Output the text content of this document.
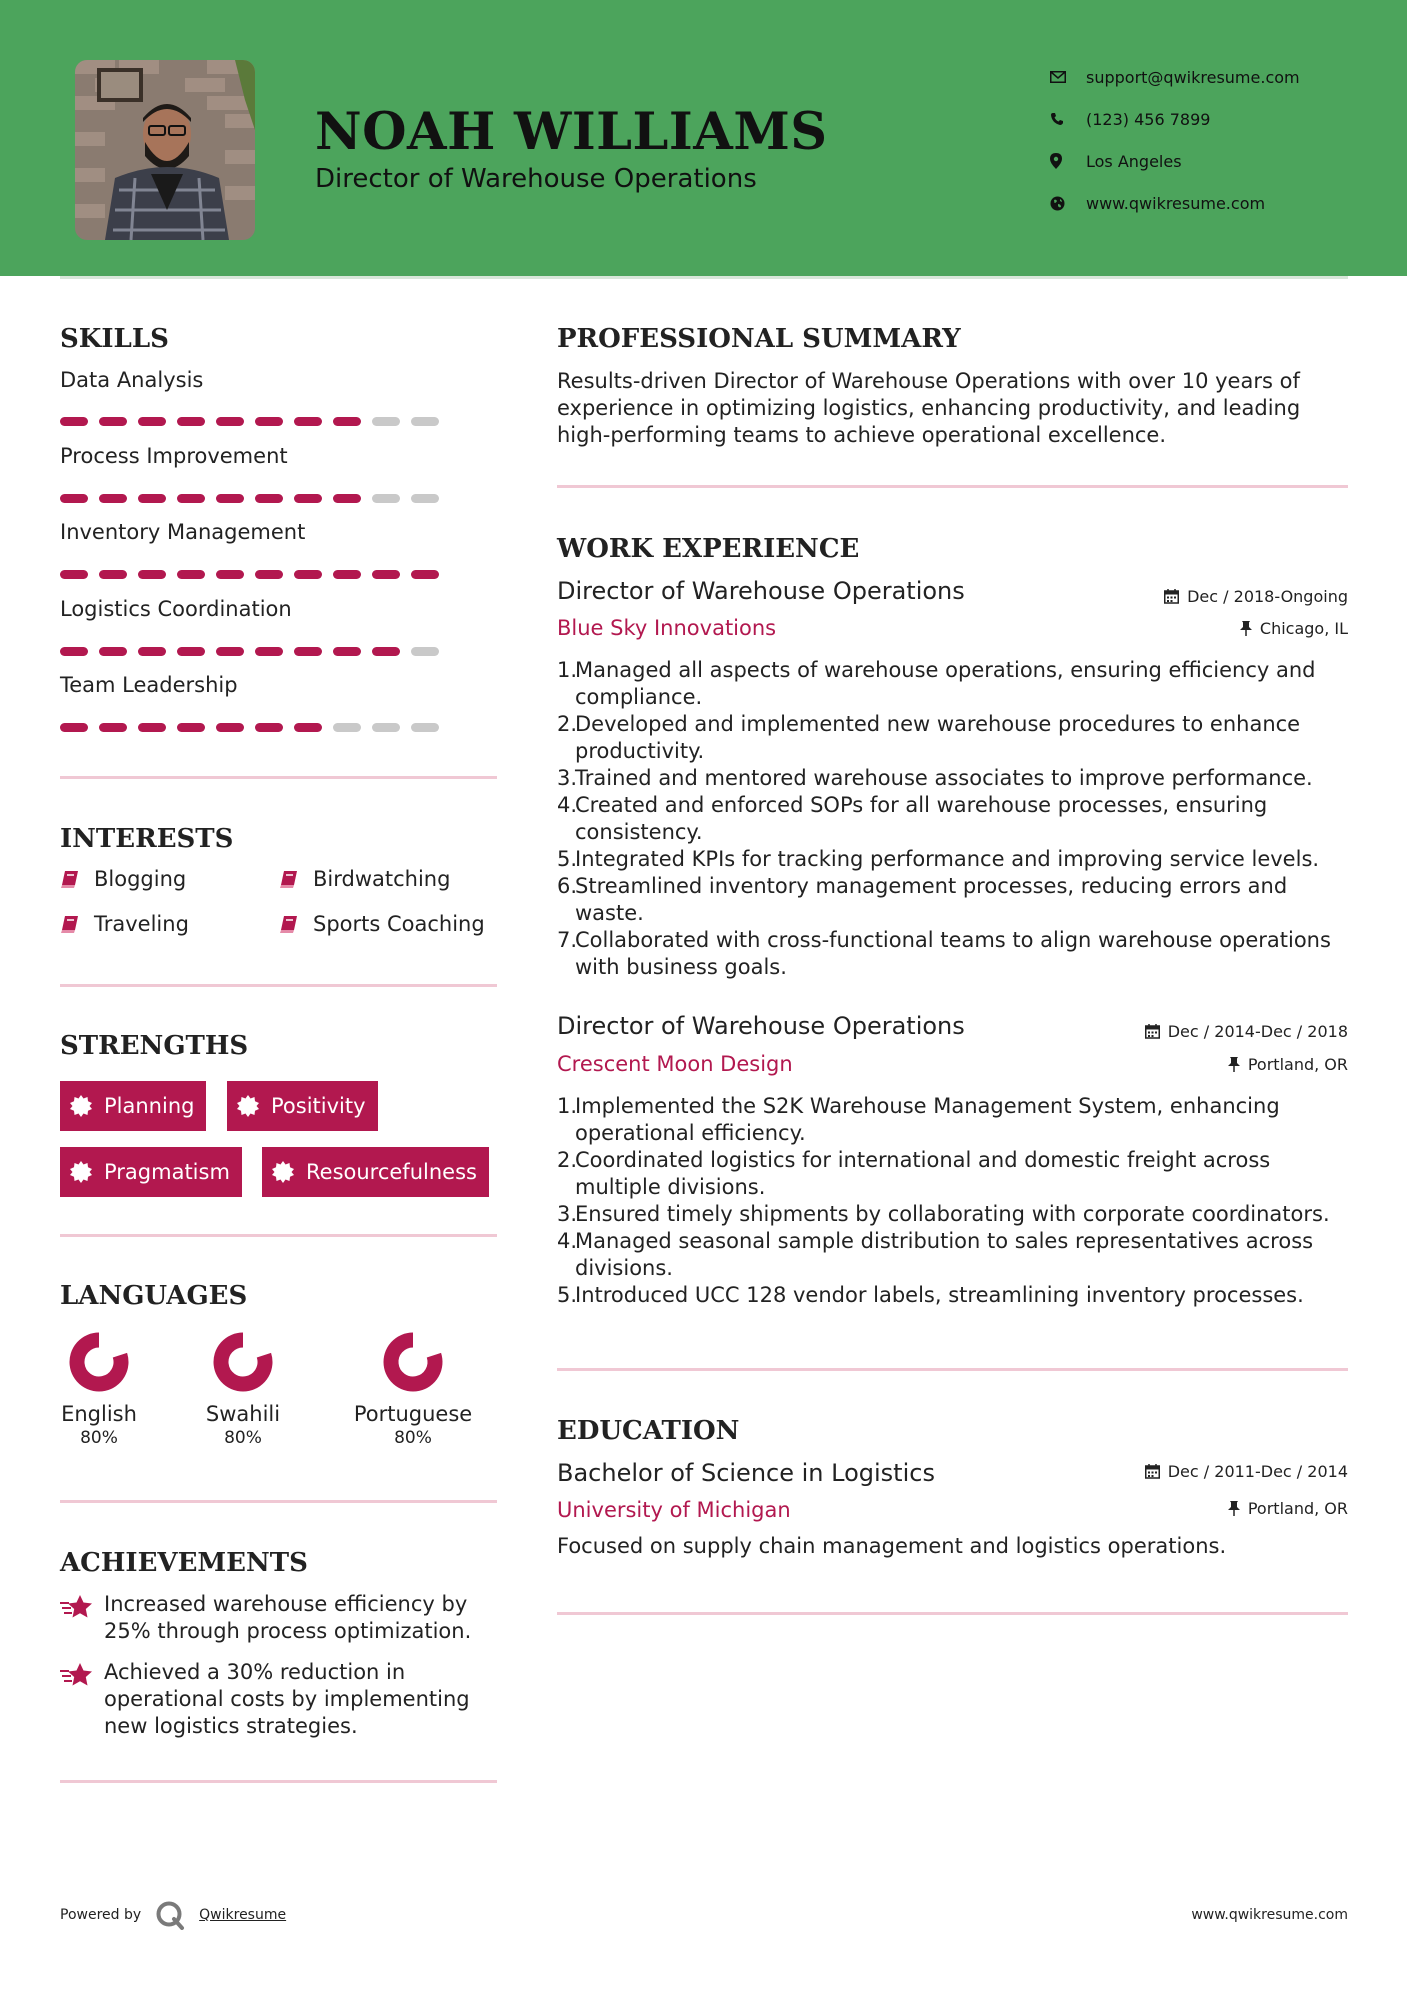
NOAH WILLIAMS
Director of Warehouse Operations
support@qwikresume.com
(123) 456 7899
Los Angeles
www.qwikresume.com
SKILLS
Data Analysis
Process Improvement
Inventory Management
Logistics Coordination
Team Leadership
INTERESTS
Blogging	Birdwatching
Traveling	Sports Coaching
STRENGTHS
Planning	Positivity
Pragmatism	Resourcefulness
LANGUAGES
English
80%
Swahili
80%
Portuguese
80%
ACHIEVEMENTS
Increased warehouse efficiency by 25% through process optimization.
Achieved a 30% reduction in operational costs by implementing new logistics strategies.
PROFESSIONAL SUMMARY
Results-driven Director of Warehouse Operations with over 10 years of experience in optimizing logistics, enhancing productivity, and leading high-performing teams to achieve operational excellence.
WORK EXPERIENCE
Director of Warehouse Operations	Dec / 2018-Ongoing
Blue Sky Innovations	Chicago, IL
1.
Managed all aspects of warehouse operations, ensuring efficiency and compliance.
2.
Developed and implemented new warehouse procedures to enhance productivity.
3.
Trained and mentored warehouse associates to improve performance.
4.
Created and enforced SOPs for all warehouse processes, ensuring consistency.
5.
Integrated KPIs for tracking performance and improving service levels.
6.
Streamlined inventory management processes, reducing errors and waste.
7.
Collaborated with cross-functional teams to align warehouse operations with business goals.
Director of Warehouse Operations	Dec / 2014-Dec / 2018
Crescent Moon Design	Portland, OR
1.
Implemented the S2K Warehouse Management System, enhancing operational efficiency.
2.
Coordinated logistics for international and domestic freight across multiple divisions.
3.
Ensured timely shipments by collaborating with corporate coordinators.
4.
Managed seasonal sample distribution to sales representatives across divisions.
5.
Introduced UCC 128 vendor labels, streamlining inventory processes.
EDUCATION
Bachelor of Science in Logistics	Dec / 2011-Dec / 2014
University of Michigan	Portland, OR
Focused on supply chain management and logistics operations.
Powered by	Qwikresume	www.qwikresume.com
